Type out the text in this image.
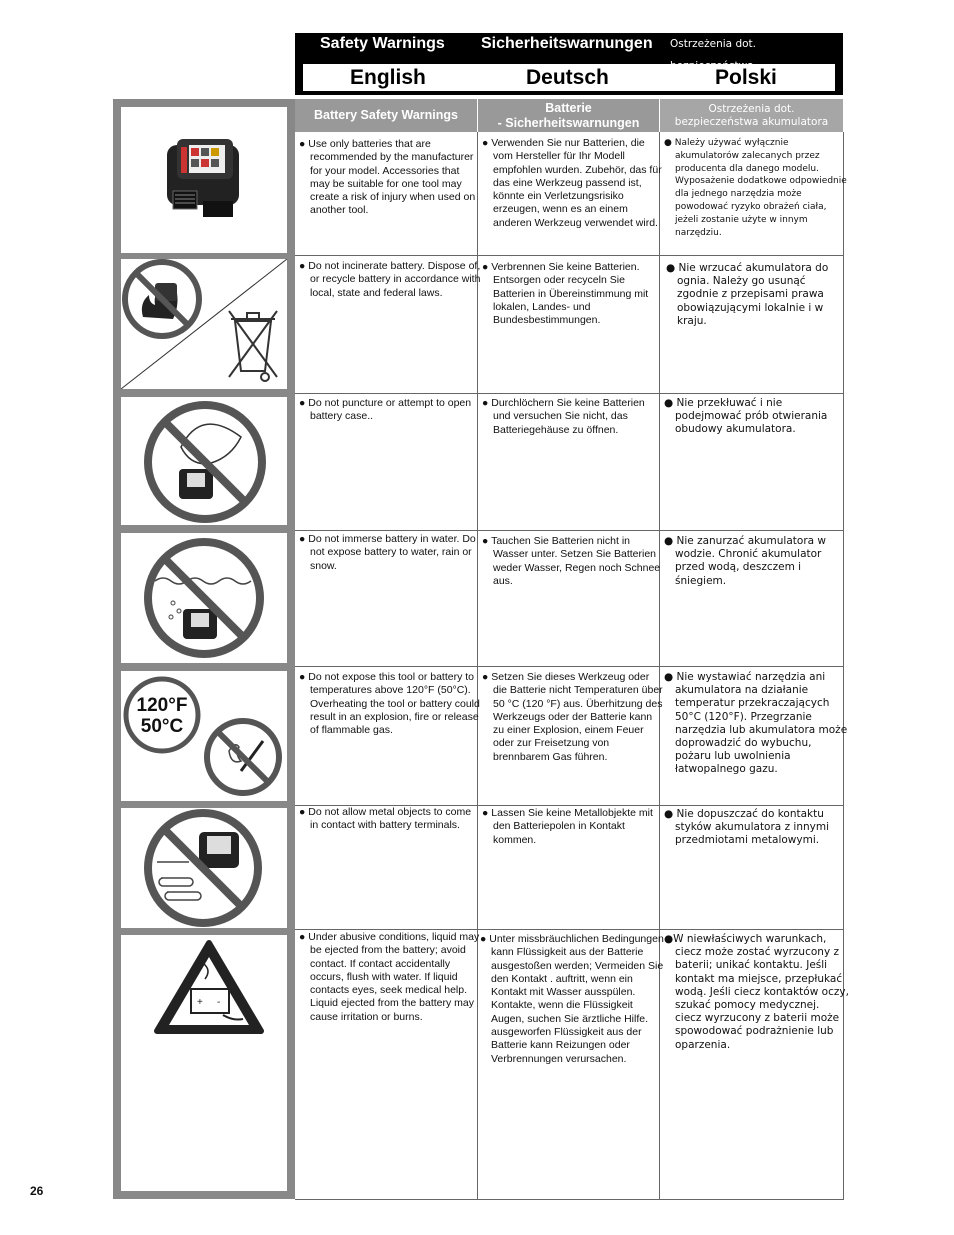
Safety Warnings Sicherheitswarnungen Ostrzeżenia dot.
English	Deutsch	Polski
120°F
50°C
+ -
Battery Safety Warnings
Batterie
- Sicherheitswarnungen
Ostrzeżenia dot.
bezpieczeństwa akumulatora
● Use only batteries that are recommended by the manufacturer for your model. Accessories that may be suitable for one tool may create a risk of injury when used on another tool.
● Verwenden Sie nur Batterien, die vom Hersteller für Ihr Modell empfohlen wurden. Zubehör, das für das eine Werkzeug passend ist, könnte ein Verletzungsrisiko erzeugen, wenn es an einem anderen Werkzeug verwendet wird.
● Należy używać wyłącznie akumulatorów zalecanych przez producenta dla danego modelu. Wyposażenie dodatkowe odpowiednie dla jednego narzędzia może powodować ryzyko obrażeń ciała, jeżeli zostanie użyte w innym narzędziu.
● Do not incinerate battery. Dispose of, or recycle battery in accordance with local, state and federal laws.
● Verbrennen Sie keine Batterien. Entsorgen oder recyceln Sie Batterien in Übereinstimmung mit lokalen, Landes- und Bundesbestimmungen.
● Nie wrzucać akumulatora do ognia. Należy go usunąć zgodnie z przepisami prawa obowiązującymi lokalnie i w kraju.
● Do not puncture or attempt to open battery case..
● Durchlöchern Sie keine Batterien und versuchen Sie nicht, das Batteriegehäuse zu öffnen.
● Nie przekłuwać i nie podejmować prób otwierania obudowy akumulatora.
● Do not immerse battery in water. Do not expose battery to water, rain or snow.
● Tauchen Sie Batterien nicht in Wasser unter. Setzen Sie Batterien weder Wasser, Regen noch Schnee aus.
● Nie zanurzać akumulatora w wodzie. Chronić akumulator przed wodą, deszczem i śniegiem.
● Do not expose this tool or battery to temperatures above 120°F (50°C). Overheating the tool or battery could result in an explosion, fire or release of flammable gas.
● Setzen Sie dieses Werkzeug oder die Batterie nicht Temperaturen über 50 °C (120 °F) aus. Überhitzung des Werkzeugs oder der Batterie kann zu einer Explosion, einem Feuer oder zur Freisetzung von brennbarem Gas führen.
● Nie wystawiać narzędzia ani akumulatora na działanie temperatur przekraczających 50°C (120°F). Przegrzanie narzędzia lub akumulatora może doprowadzić do wybuchu, pożaru lub uwolnienia łatwopalnego gazu.
● Do not allow metal objects to come in contact with battery terminals.
● Lassen Sie keine Metallobjekte mit den Batteriepolen in Kontakt kommen.
● Nie dopuszczać do kontaktu styków akumulatora z innymi przedmiotami metalowymi.
● Under abusive conditions, liquid may be ejected from the battery; avoid contact. If contact accidentally occurs, flush with water. If liquid contacts eyes, seek medical help. Liquid ejected from the battery may cause irritation or burns.
● Unter missbräuchlichen Bedingungen kann Flüssigkeit aus der Batterie ausgestoßen werden; Vermeiden Sie den Kontakt . auftritt, wenn ein Kontakt mit Wasser ausspülen. Kontakte, wenn die Flüssigkeit Augen, suchen Sie ärztliche Hilfe. ausgeworfen Flüssigkeit aus der Batterie kann Reizungen oder Verbrennungen verursachen.
●W niewłaściwych warunkach, ciecz może zostać wyrzucony z baterii; unikać kontaktu. Jeśli kontakt ma miejsce, przepłukać wodą. Jeśli ciecz kontaktów oczy, szukać pomocy medycznej. ciecz wyrzucony z baterii może spowodować podrażnienie lub oparzenia.
26
